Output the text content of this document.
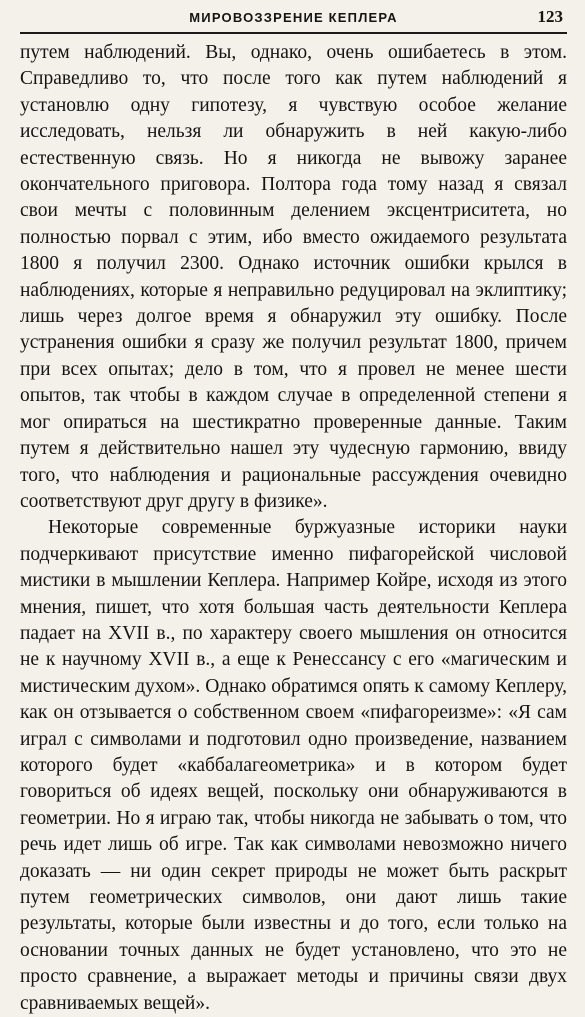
МИРОВОЗЗРЕНИЕ КЕПЛЕРА	123

путем наблюдений. Вы, однако, очень ошибаетесь в этом. Справедливо то, что после того как путем наблюдений я установлю одну гипотезу, я чувствую особое желание исследовать, нельзя ли обнаружить в ней какую-либо естественную связь. Но я никогда не вывожу заранее окончательного приговора. Полтора года тому назад я связал свои мечты с половинным делением эксцентриситета, но полностью порвал с этим, ибо вместо ожидаемого результата 1800 я получил 2300. Однако источник ошибки крылся в наблюдениях, которые я неправильно редуцировал на эклиптику; лишь через долгое время я обнаружил эту ошибку. После устранения ошибки я сразу же получил результат 1800, причем при всех опытах; дело в том, что я провел не менее шести опытов, так чтобы в каждом случае в определенной степени я мог опираться на шестикратно проверенные данные. Таким путем я действительно нашел эту чудесную гармонию, ввиду того, что наблюдения и рациональные рассуждения очевидно соответствуют друг другу в физике».

Некоторые современные буржуазные историки науки подчеркивают присутствие именно пифагорейской числовой мистики в мышлении Кеплера. Например Койре, исходя из этого мнения, пишет, что хотя большая часть деятельности Кеплера падает на XVII в., по характеру своего мышления он относится не к научному XVII в., а еще к Ренессансу с его «магическим и мистическим духом». Однако обратимся опять к самому Кеплеру, как он отзывается о собственном своем «пифагореизме»: «Я сам играл с символами и подготовил одно произведение, названием которого будет «каббалагеометрика» и в котором будет говориться об идеях вещей, поскольку они обнаруживаются в геометрии. Но я играю так, чтобы никогда не забывать о том, что речь идет лишь об игре. Так как символами невозможно ничего доказать — ни один секрет природы не может быть раскрыт путем геометрических символов, они дают лишь такие результаты, которые были известны и до того, если только на основании точных данных не будет установлено, что это не просто сравнение, а выражает методы и причины связи двух сравниваемых вещей».
